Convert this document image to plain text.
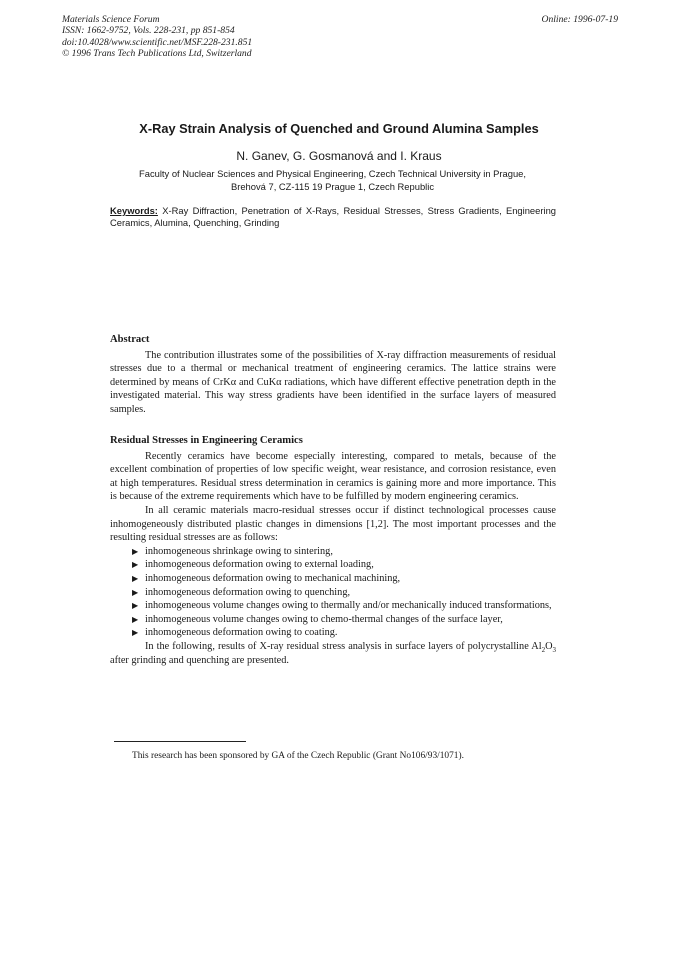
Materials Science Forum
ISSN: 1662-9752, Vols. 228-231, pp 851-854
doi:10.4028/www.scientific.net/MSF.228-231.851
© 1996 Trans Tech Publications Ltd, Switzerland
Online: 1996-07-19
X-Ray Strain Analysis of Quenched and Ground Alumina Samples
N. Ganev, G. Gosmanová and I. Kraus
Faculty of Nuclear Sciences and Physical Engineering, Czech Technical University in Prague,
Brehová 7, CZ-115 19 Prague 1, Czech Republic
Keywords: X-Ray Diffraction, Penetration of X-Rays, Residual Stresses, Stress Gradients, Engineering Ceramics, Alumina, Quenching, Grinding
Abstract

The contribution illustrates some of the possibilities of X-ray diffraction measurements of residual stresses due to a thermal or mechanical treatment of engineering ceramics. The lattice strains were determined by means of CrKα and CuKα radiations, which have different effective penetration depth in the investigated material. This way stress gradients have been identified in the surface layers of measured samples.

Residual Stresses in Engineering Ceramics

Recently ceramics have become especially interesting, compared to metals, because of the excellent combination of properties of low specific weight, wear resistance, and corrosion resistance, even at high temperatures. Residual stress determination in ceramics is gaining more and more importance. This is because of the extreme requirements which have to be fulfilled by modern engineering ceramics.

In all ceramic materials macro-residual stresses occur if distinct technological processes cause inhomogeneously distributed plastic changes in dimensions [1,2]. The most important processes and the resulting residual stresses are as follows:

▶ inhomogeneous shrinkage owing to sintering,
▶ inhomogeneous deformation owing to external loading,
▶ inhomogeneous deformation owing to mechanical machining,
▶ inhomogeneous deformation owing to quenching,
▶ inhomogeneous volume changes owing to thermally and/or mechanically induced transformations,
▶ inhomogeneous volume changes owing to chemo-thermal changes of the surface layer,
▶ inhomogeneous deformation owing to coating.

In the following, results of X-ray residual stress analysis in surface layers of polycrystalline $Al_2O_3$ after grinding and quenching are presented.

This research has been sponsored by GA of the Czech Republic (Grant No106/93/1071).
